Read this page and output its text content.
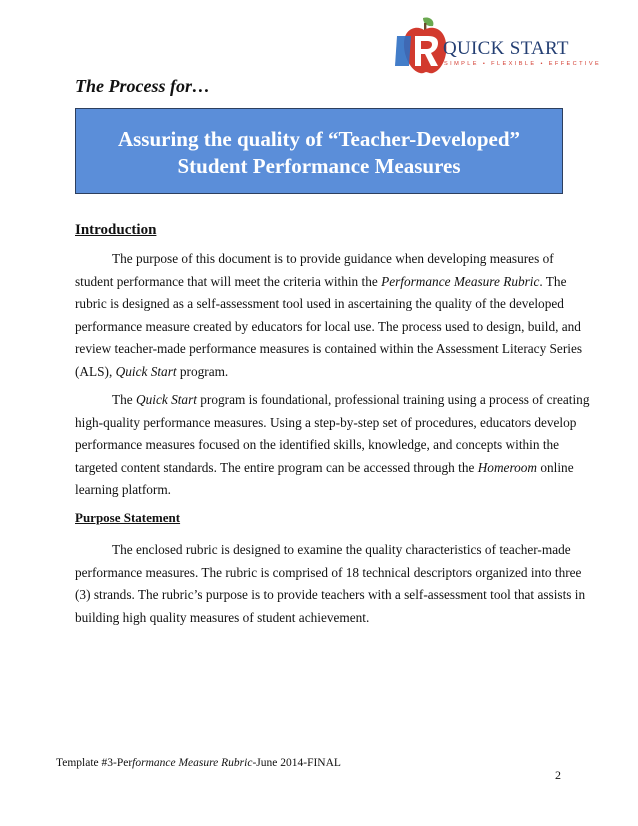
QUICK START
SIMPLE • FLEXIBLE • EFFECTIVE
The Process for…
Assuring the quality of “Teacher-Developed”
Student Performance Measures
Introduction

The purpose of this document is to provide guidance when developing measures of
student performance that will meet the criteria within the Performance Measure Rubric. The
rubric is designed as a self-assessment tool used in ascertaining the quality of the developed
performance measure created by educators for local use. The process used to design, build, and
review teacher-made performance measures is contained within the Assessment Literacy Series
(ALS), Quick Start program.

The Quick Start program is foundational, professional training using a process of creating
high-quality performance measures. Using a step-by-step set of procedures, educators develop
performance measures focused on the identified skills, knowledge, and concepts within the
targeted content standards. The entire program can be accessed through the Homeroom online
learning platform.

Purpose Statement

The enclosed rubric is designed to examine the quality characteristics of teacher-made
performance measures. The rubric is comprised of 18 technical descriptors organized into three
(3) strands. The rubric’s purpose is to provide teachers with a self-assessment tool that assists in
building high quality measures of student achievement.

Template #3-Performance Measure Rubric-June 2014-FINAL
2
